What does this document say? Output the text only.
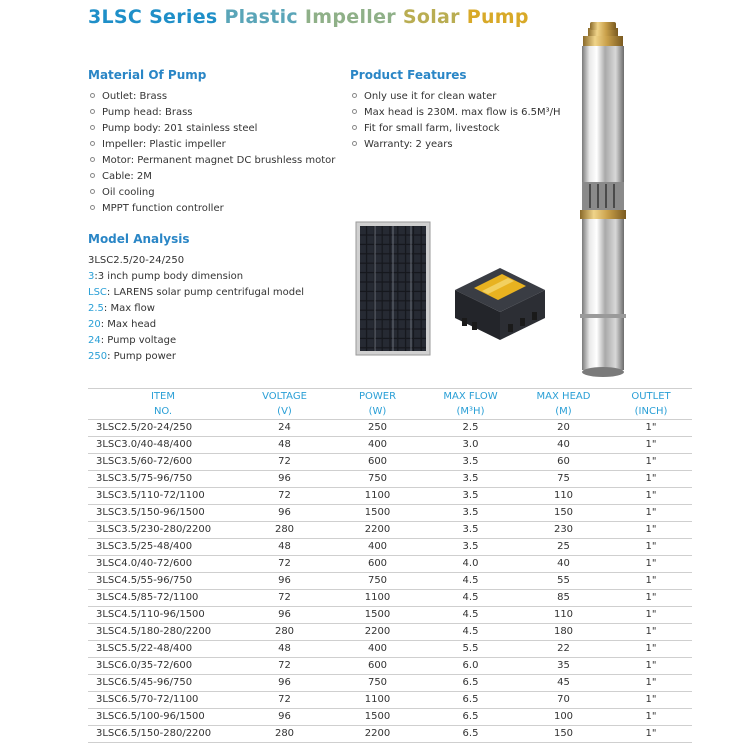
3LSC Series Plastic Impeller Solar Pump
Material Of Pump
Outlet: Brass
Pump head: Brass
Pump body: 201 stainless steel
Impeller: Plastic impeller
Motor: Permanent magnet DC brushless motor
Cable: 2M
Oil cooling
MPPT function controller
Product Features
Only use it for clean water
Max head is 230M. max flow is 6.5M³/H
Fit for small farm, livestock
Warranty: 2 years
Model Analysis
3LSC2.5/20-24/250
3:3 inch pump body dimension
LSC: LARENS solar pump centrifugal model
2.5: Max flow
20: Max head
24: Pump voltage
250: Pump power
ITEM	VOLTAGE	POWER	MAX FLOW	MAX HEAD	OUTLET
NO.	(V)	(W)	(M³H)	(M)	(INCH)
3LSC2.5/20-24/250	24	250	2.5	20	1"
3LSC3.0/40-48/400	48	400	3.0	40	1"
3LSC3.5/60-72/600	72	600	3.5	60	1"
3LSC3.5/75-96/750	96	750	3.5	75	1"
3LSC3.5/110-72/1100	72	1100	3.5	110	1"
3LSC3.5/150-96/1500	96	1500	3.5	150	1"
3LSC3.5/230-280/2200	280	2200	3.5	230	1"
3LSC3.5/25-48/400	48	400	3.5	25	1"
3LSC4.0/40-72/600	72	600	4.0	40	1"
3LSC4.5/55-96/750	96	750	4.5	55	1"
3LSC4.5/85-72/1100	72	1100	4.5	85	1"
3LSC4.5/110-96/1500	96	1500	4.5	110	1"
3LSC4.5/180-280/2200	280	2200	4.5	180	1"
3LSC5.5/22-48/400	48	400	5.5	22	1"
3LSC6.0/35-72/600	72	600	6.0	35	1"
3LSC6.5/45-96/750	96	750	6.5	45	1"
3LSC6.5/70-72/1100	72	1100	6.5	70	1"
3LSC6.5/100-96/1500	96	1500	6.5	100	1"
3LSC6.5/150-280/2200	280	2200	6.5	150	1"
